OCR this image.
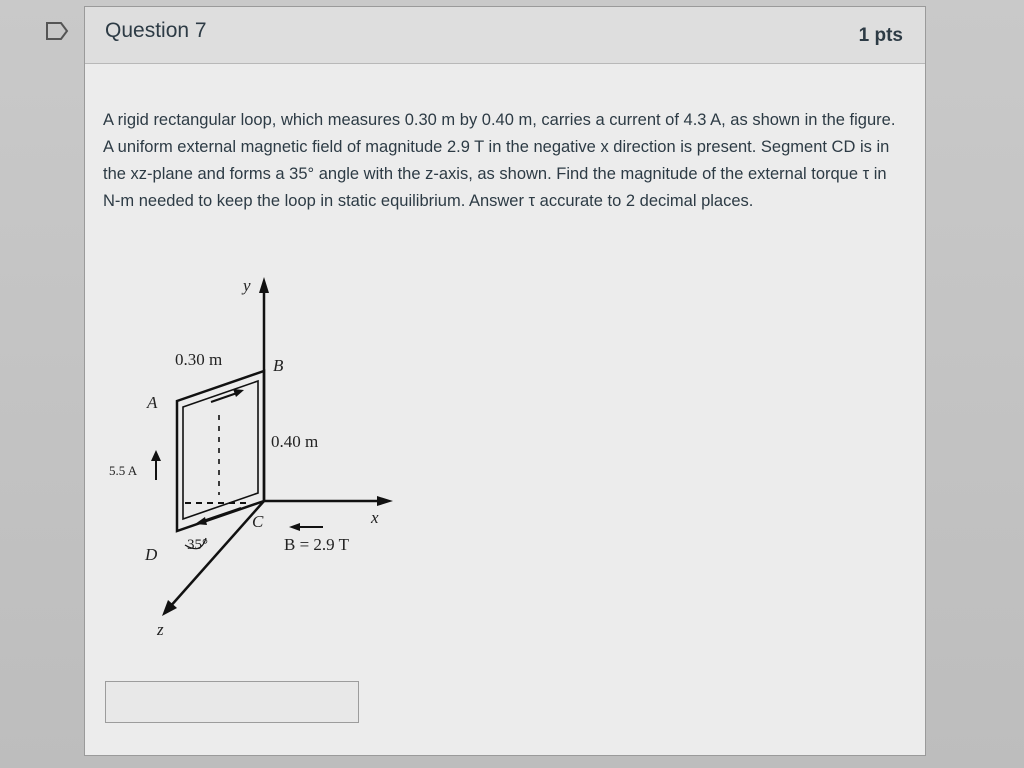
Question 7	1 pts
A rigid rectangular loop, which measures 0.30 m by 0.40 m, carries a current of 4.3 A, as shown in the figure. A uniform external magnetic field of magnitude 2.9 T in the negative x direction is present. Segment CD is in the xz-plane and forms a 35° angle with the z-axis, as shown. Find the magnitude of the external torque τ in N-m needed to keep the loop in static equilibrium. Answer τ accurate to 2 decimal places.
y
x
z
5.5 A
B = 2.9 T
35°
A
B
C
D
0.30 m
0.40 m
